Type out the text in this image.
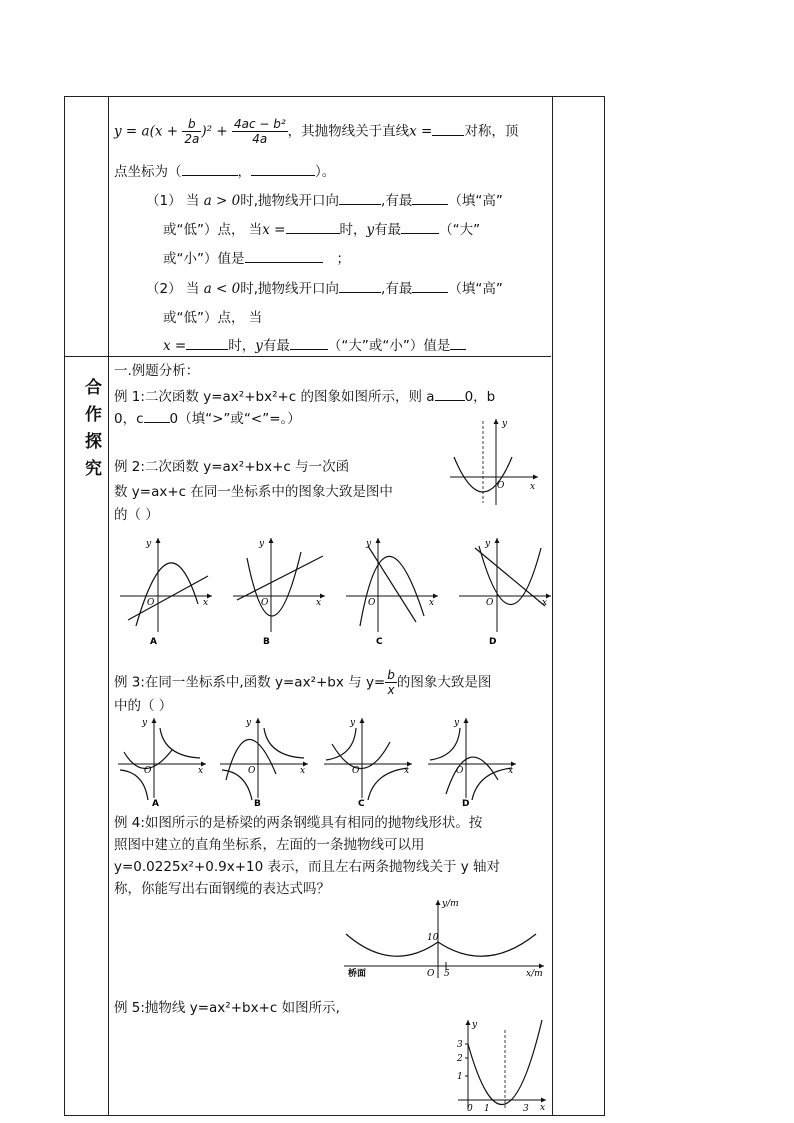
合
作
探
究
$y = a(x + \frac{b}{2a} )^2 + \frac{\text{4ac − b²}}{4a}$ ，其抛物线关于直线x = 对称，顶
点坐标为（	，	）。
（1） 当 a > 0时,抛物线开口向	,有最	（填“高”
或“低”）点， 当x =	时，y有最	（“大”
或“小”）值是	；
（2） 当 a < 0时,抛物线开口向	,有最	（填“高”
或“低”）点， 当
x =	时，y有最	（“大”或“小”）值是
一.例题分析：
例 1:二次函数 y=ax²+bx²+c 的图象如图所示，则 a 0，b
0，c 0（填“>”或“<”=。）	y
x
O
例 2:二次函数 y=ax²+bx+c 与一次函
数 y=ax+c 在同一坐标系中的图象大致是图中
的（ ）
y
x
O
A
y
x
O
B
y
x
O
C
y
x
O
D
例 3:在同一坐标系中,函数 y=ax²+bx 与 $y= \frac{b}{x}$ 的图象大致是图
中的（ ）
y
x
O
A
y
x
O
B
y
x
O
C
y
x
O
D
例 4:如图所示的是桥梁的两条钢缆具有相同的抛物线形状。按
照图中建立的直角坐标系，左面的一条抛物线可以用
y=0.0225x²+0.9x+10 表示，而且左右两条抛物线关于 y 轴对
称，你能写出右面钢缆的表达式吗？
y/m
x/m
10
O 5
桥面
例 5:抛物线 y=ax²+bx+c 如图所示,
y
x
0 1	3
1
2
3
